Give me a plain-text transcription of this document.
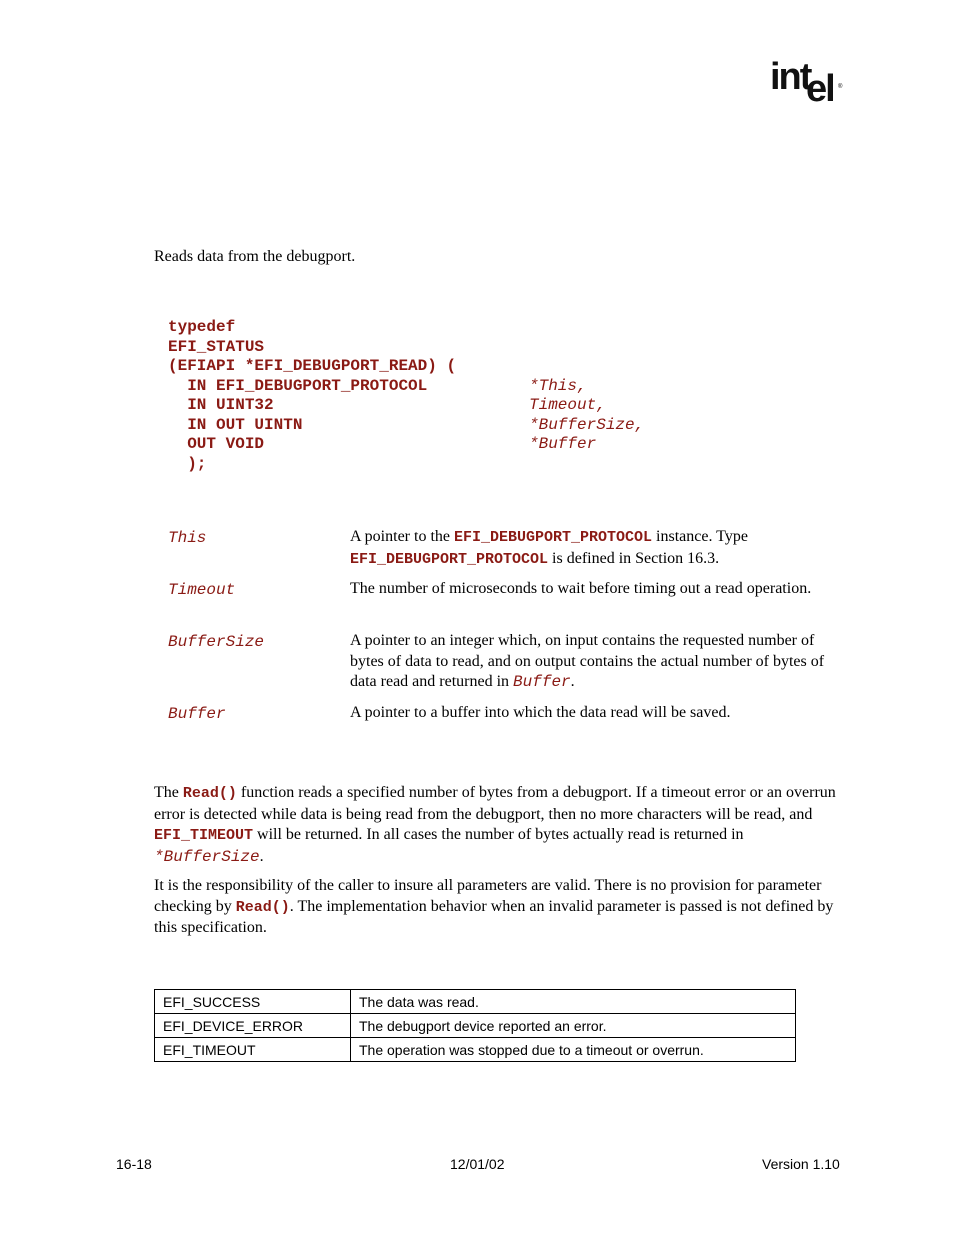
int
el ®
Reads data from the debugport.
typedef
EFI_STATUS
(EFIAPI *EFI_DEBUGPORT_READ) (
IN EFI_DEBUGPORT_PROTOCOL	*This,
IN UINT32	Timeout,
IN OUT UINTN	*BufferSize,
OUT VOID	*Buffer
);
This	A pointer to the EFI_DEBUGPORT_PROTOCOL instance. Type EFI_DEBUGPORT_PROTOCOL is defined in Section 16.3.
Timeout	The number of microseconds to wait before timing out a read operation.
BufferSize	A pointer to an integer which, on input contains the requested number of bytes of data to read, and on output contains the actual number of bytes of data read and returned in Buffer.
Buffer	A pointer to a buffer into which the data read will be saved.
The Read() function reads a specified number of bytes from a debugport. If a timeout error or an overrun error is detected while data is being read from the debugport, then no more characters will be read, and EFI_TIMEOUT will be returned. In all cases the number of bytes actually read is returned in *BufferSize.
It is the responsibility of the caller to insure all parameters are valid. There is no provision for parameter checking by Read(). The implementation behavior when an invalid parameter is passed is not defined by this specification.
EFI_SUCCESS	The data was read.
EFI_DEVICE_ERROR	The debugport device reported an error.
EFI_TIMEOUT	The operation was stopped due to a timeout or overrun.
16-18	12/01/02	Version 1.10
